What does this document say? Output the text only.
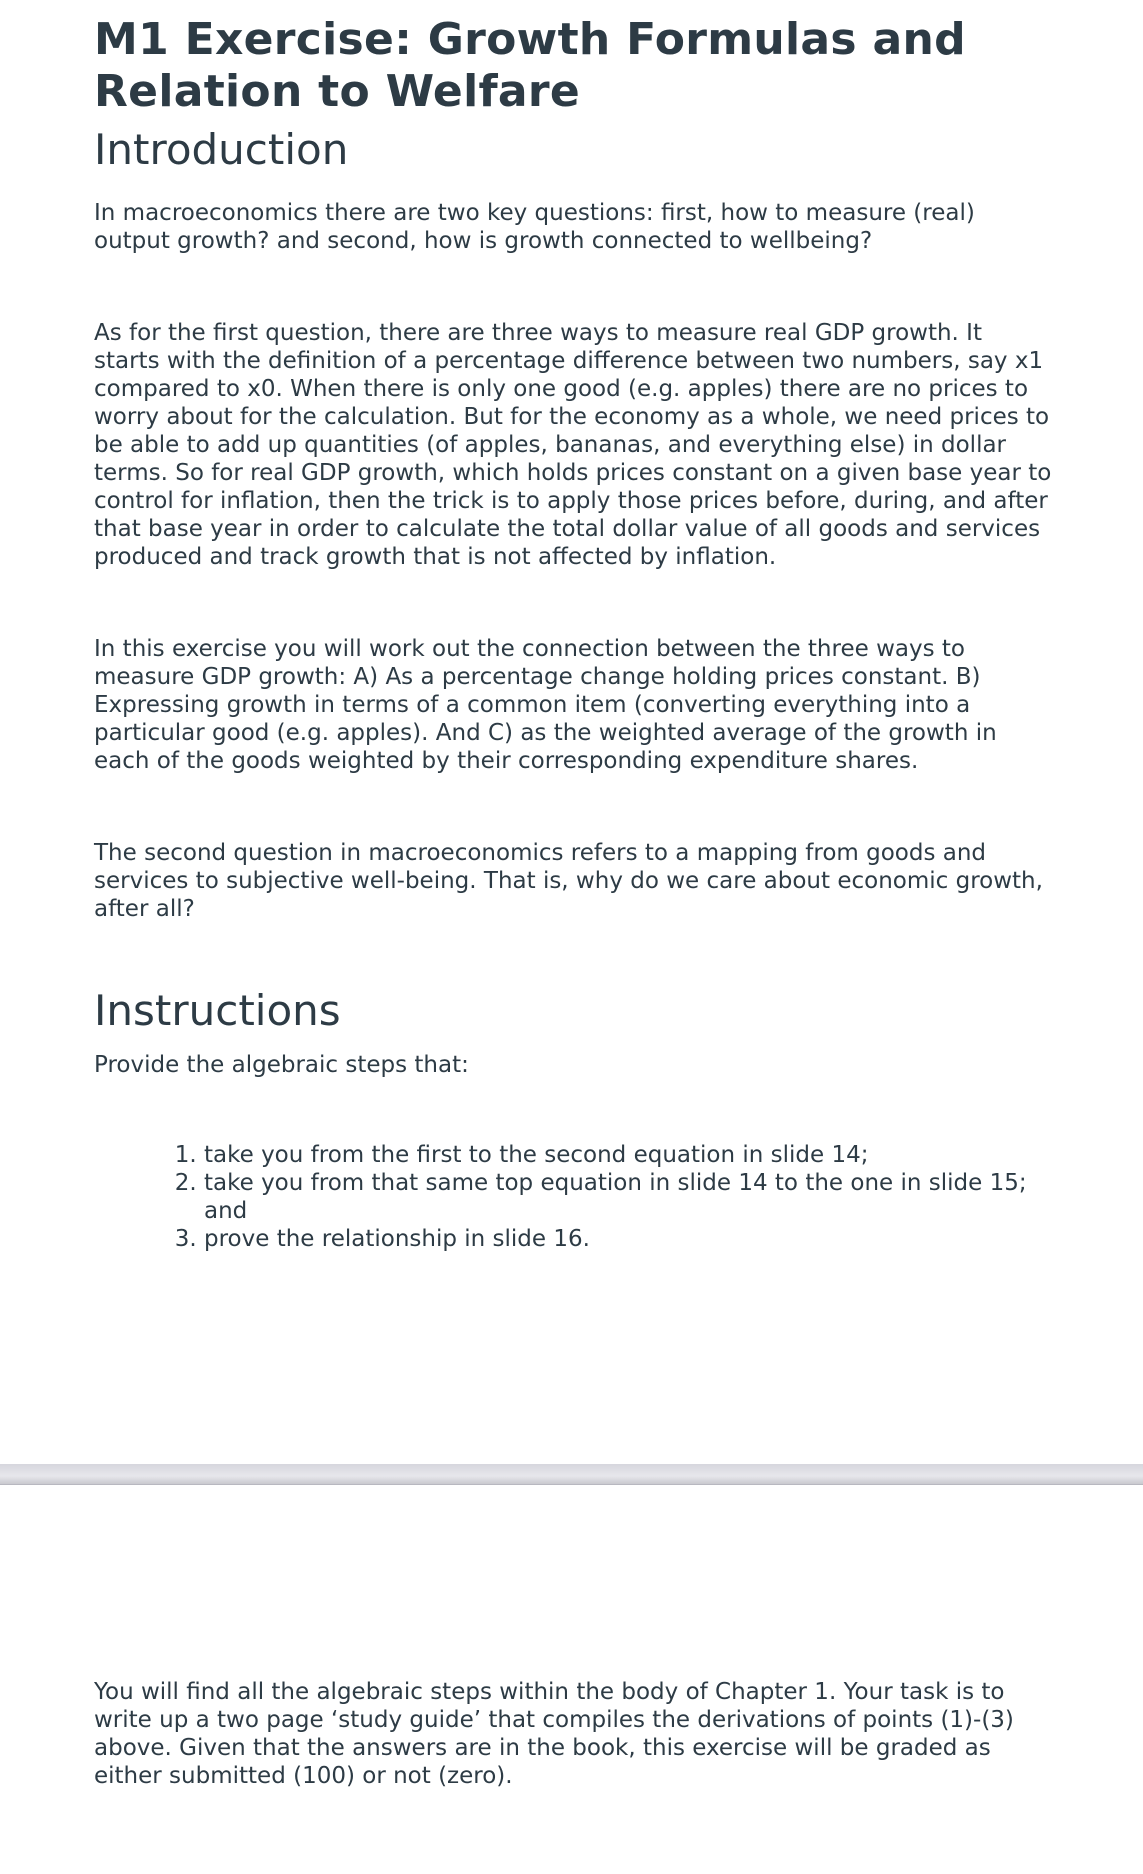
M1 Exercise: Growth Formulas and Relation to Welfare
Introduction

In macroeconomics there are two key questions: first, how to measure (real) output growth? and second, how is growth connected to wellbeing?

As for the first question, there are three ways to measure real GDP growth. It starts with the definition of a percentage difference between two numbers, say x1 compared to x0. When there is only one good (e.g. apples) there are no prices to worry about for the calculation. But for the economy as a whole, we need prices to be able to add up quantities (of apples, bananas, and everything else) in dollar terms. So for real GDP growth, which holds prices constant on a given base year to control for inflation, then the trick is to apply those prices before, during, and after that base year in order to calculate the total dollar value of all goods and services produced and track growth that is not affected by inflation.

In this exercise you will work out the connection between the three ways to measure GDP growth: A) As a percentage change holding prices constant. B) Expressing growth in terms of a common item (converting everything into a particular good (e.g. apples). And C) as the weighted average of the growth in each of the goods weighted by their corresponding expenditure shares.

The second question in macroeconomics refers to a mapping from goods and services to subjective well-being. That is, why do we care about economic growth, after all?

Instructions

Provide the algebraic steps that:

1. take you from the first to the second equation in slide 14;
2. take you from that same top equation in slide 14 to the one in slide 15; and
3. prove the relationship in slide 16.

You will find all the algebraic steps within the body of Chapter 1. Your task is to write up a two page ‘study guide’ that compiles the derivations of points (1)-(3) above. Given that the answers are in the book, this exercise will be graded as either submitted (100) or not (zero).
